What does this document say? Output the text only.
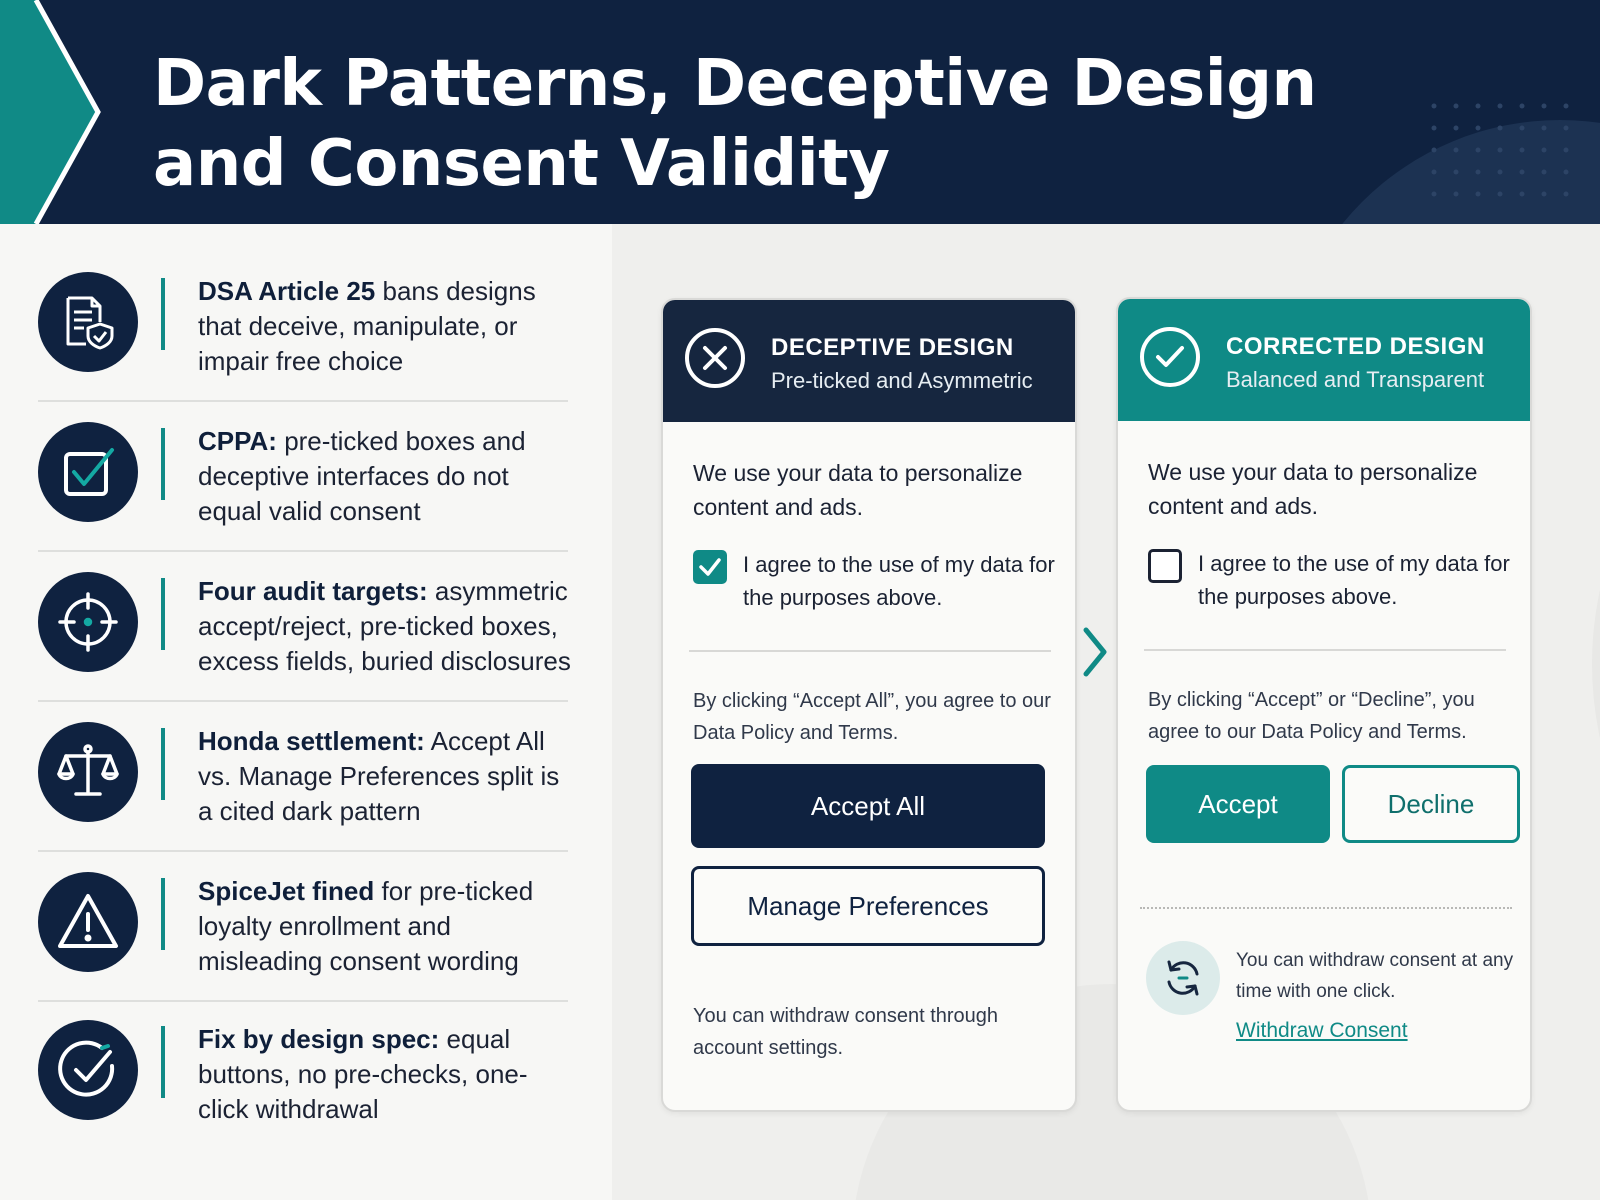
Dark Patterns, Deceptive Design
and Consent Validity
DSA Article 25 bans designs that deceive, manipulate, or impair free choice
CPPA: pre-ticked boxes and deceptive interfaces do not equal valid consent
Four audit targets: asymmetric accept/reject, pre-ticked boxes, excess fields, buried disclosures
Honda settlement: Accept All vs. Manage Preferences split is a cited dark pattern
SpiceJet fined for pre-ticked loyalty enrollment and misleading consent wording
Fix by design spec: equal buttons, no pre-checks, one-click withdrawal
DECEPTIVE DESIGN
Pre-ticked and Asymmetric
We use your data to personalize content and ads.
I agree to the use of my data for the purposes above.
By clicking “Accept All”, you agree to our Data Policy and Terms.
Accept All
Manage Preferences
You can withdraw consent through account settings.
CORRECTED DESIGN
Balanced and Transparent
We use your data to personalize content and ads.
I agree to the use of my data for the purposes above.
By clicking “Accept” or “Decline”, you agree to our Data Policy and Terms.
Accept	Decline
You can withdraw consent at any time with one click.
Withdraw Consent
